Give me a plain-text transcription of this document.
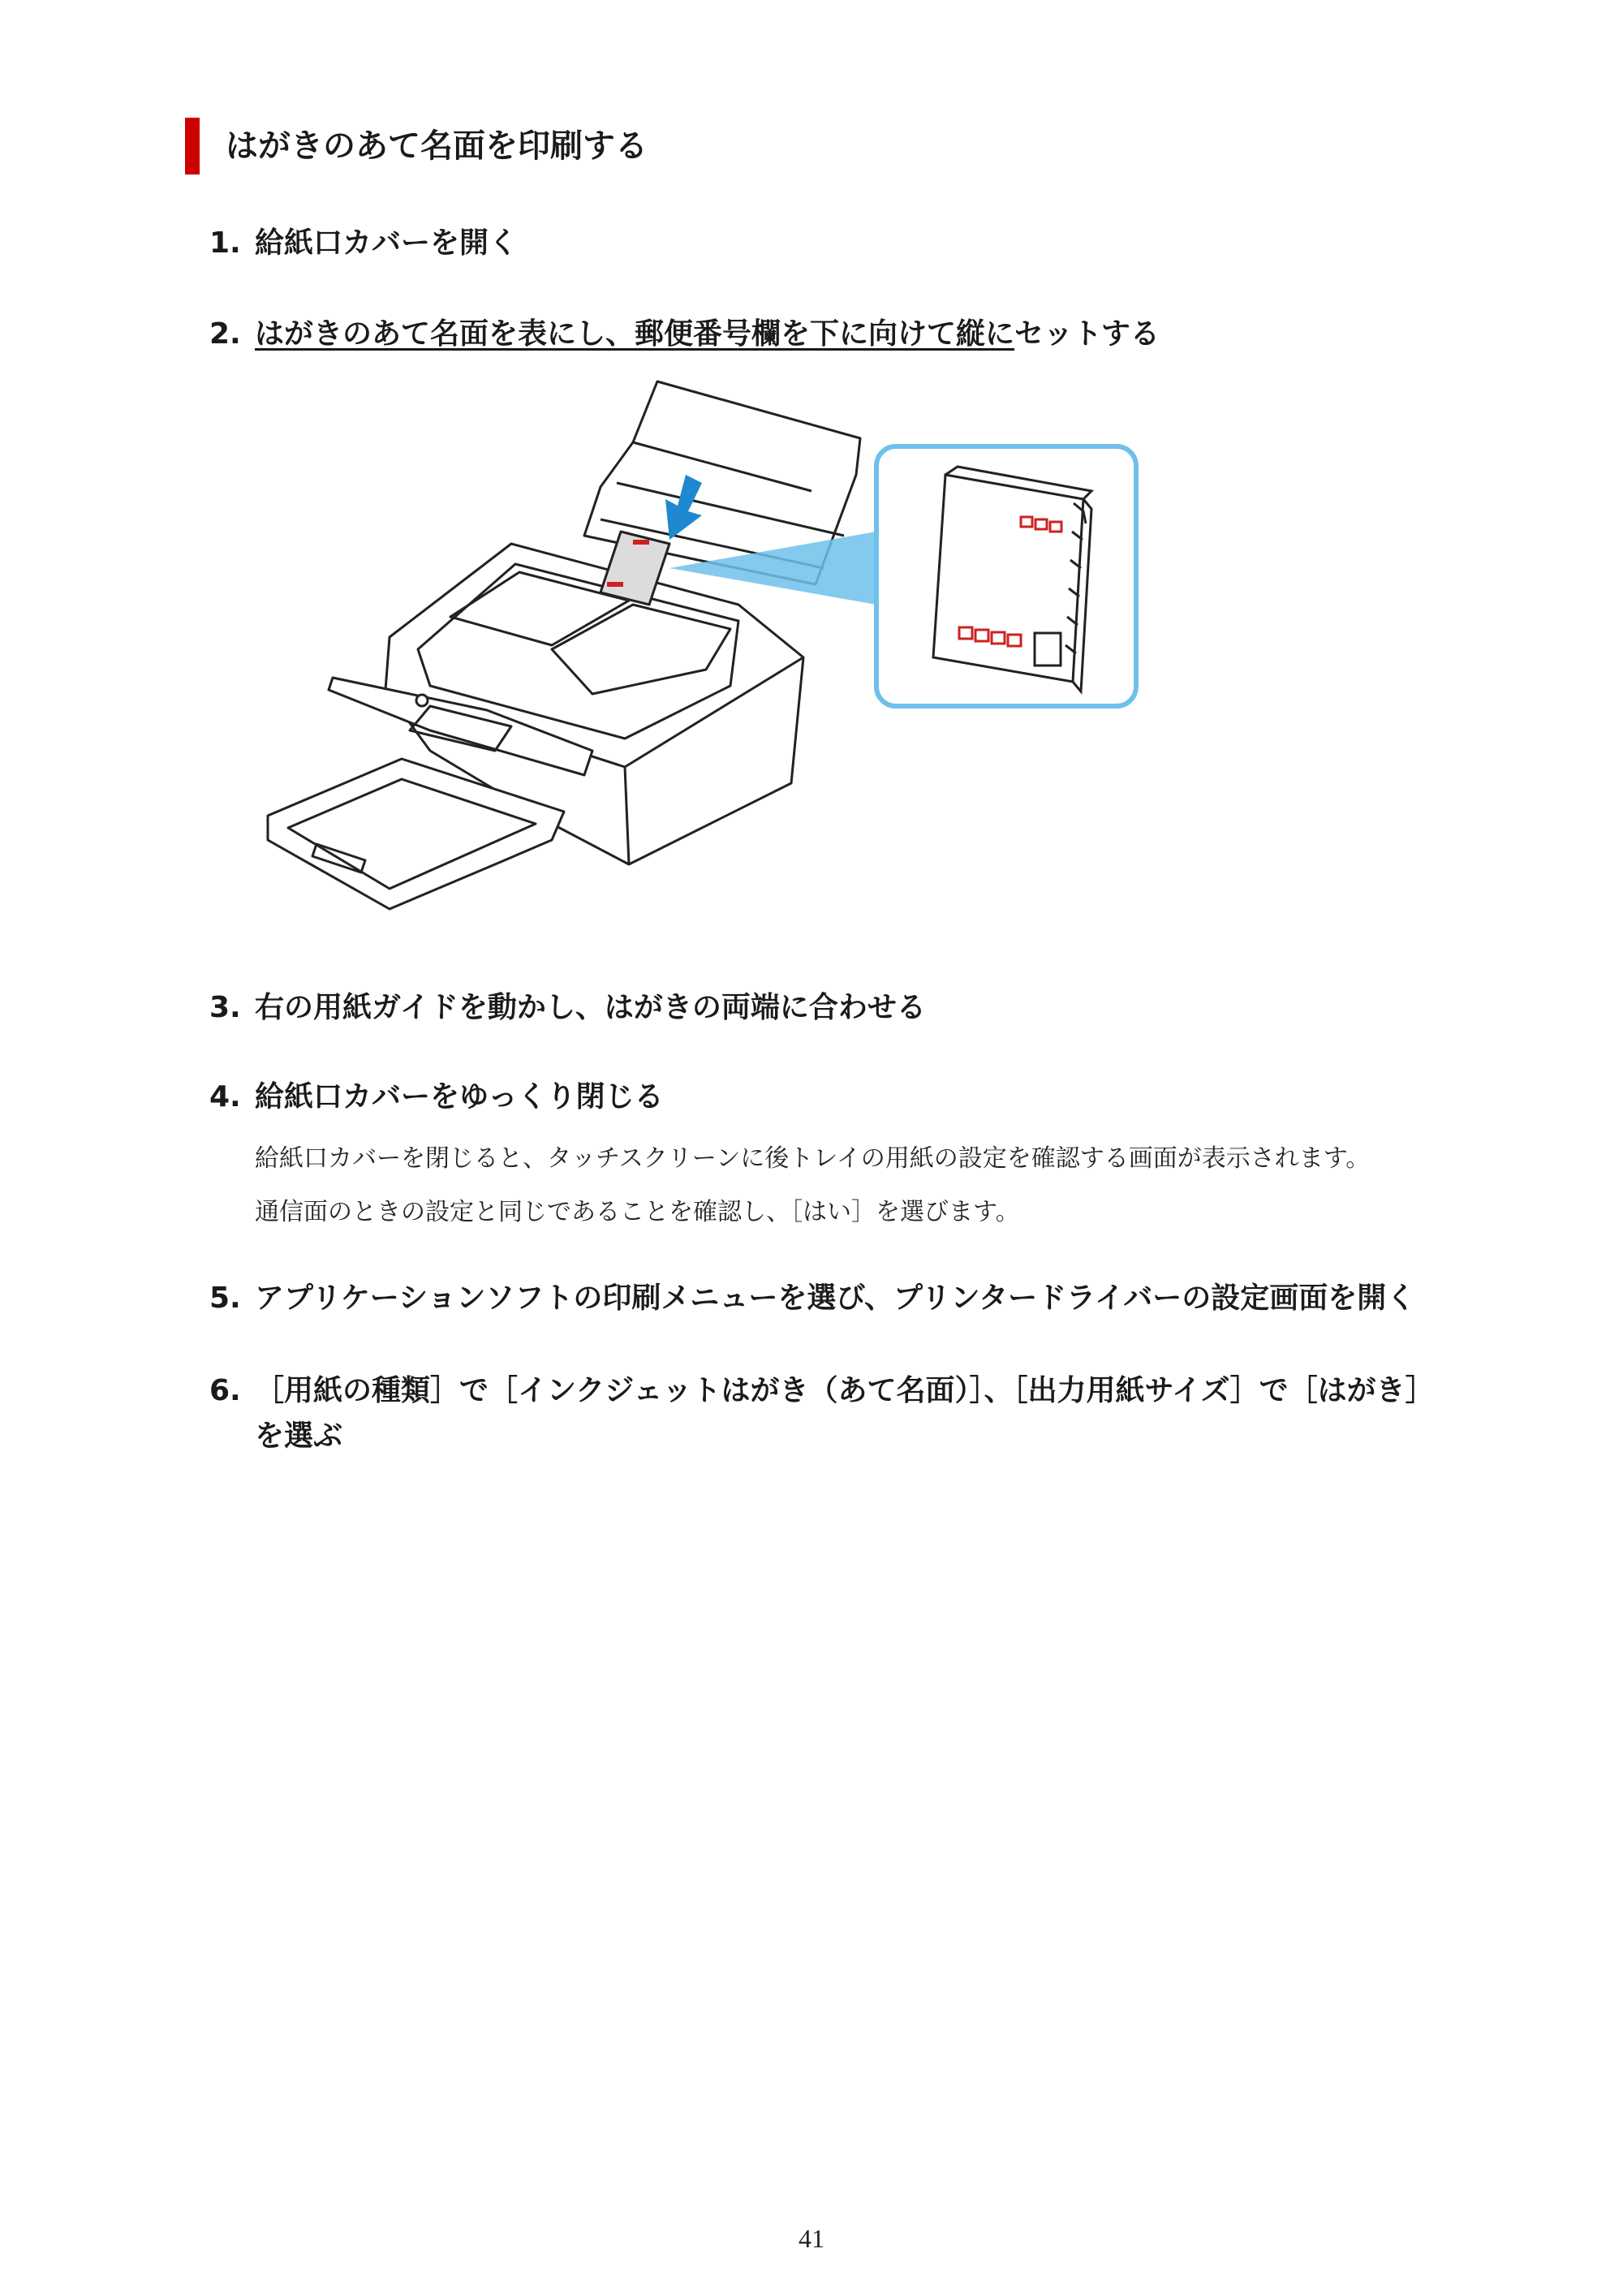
はがきのあて名面を印刷する
1. 給紙口カバーを開く
2. はがきのあて名面を表にし、郵便番号欄を下に向けて縦にセットする
3. 右の用紙ガイドを動かし、はがきの両端に合わせる
4. 給紙口カバーをゆっくり閉じる
給紙口カバーを閉じると、タッチスクリーンに後トレイの用紙の設定を確認する画面が表示されます。
通信面のときの設定と同じであることを確認し、［はい］を選びます。
5. アプリケーションソフトの印刷メニューを選び、プリンタードライバーの設定画面を開く
6. ［用紙の種類］で［インクジェットはがき（あて名面）］、［出力用紙サイズ］で［はがき］
を選ぶ
41
